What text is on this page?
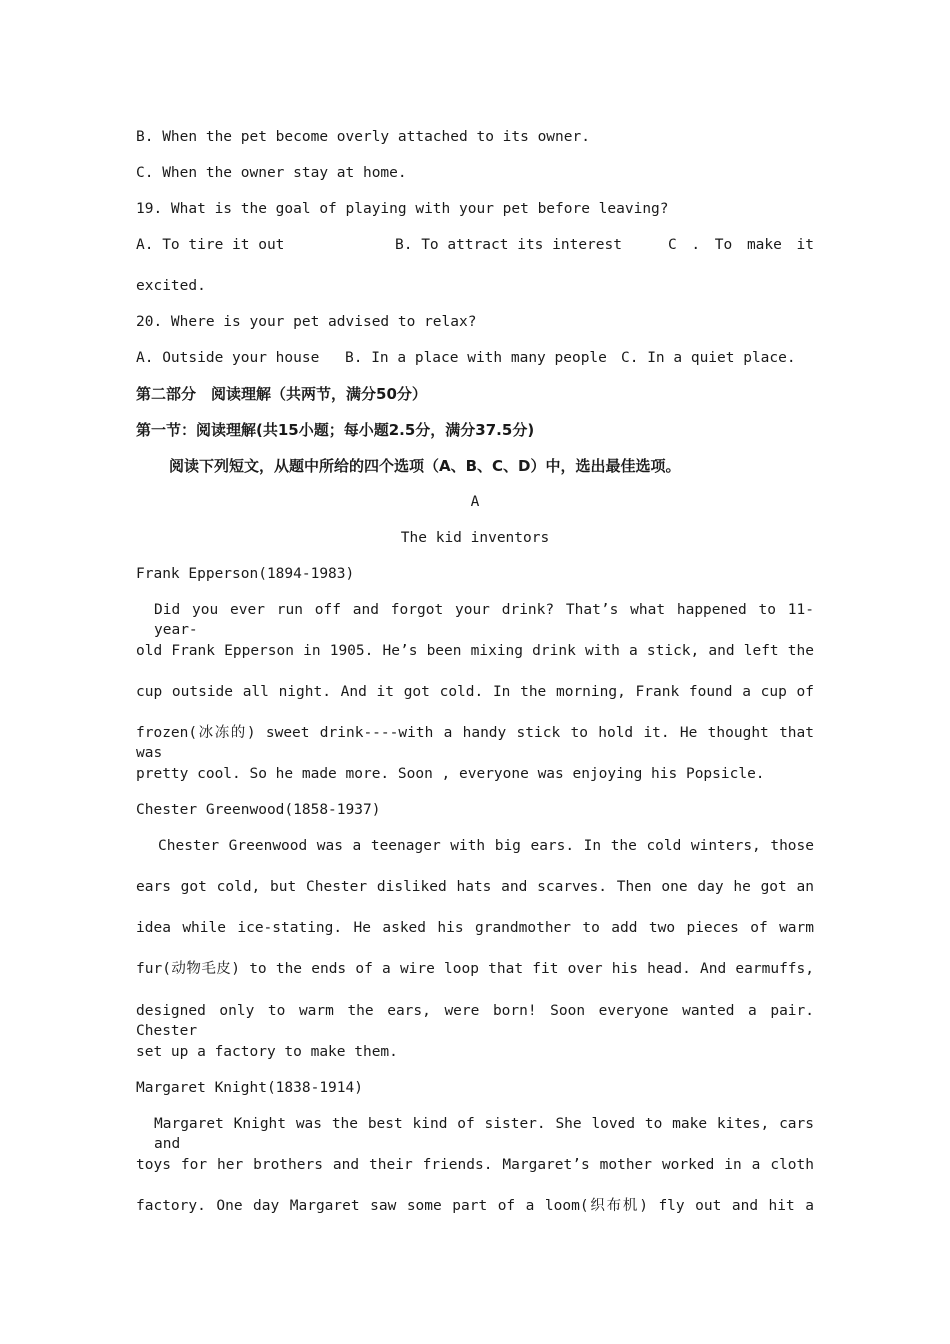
B. When the pet become overly attached to its owner.
C. When the owner stay at home.
19. What is the goal of playing with your pet before leaving?
A. To tire it out	B. To attract its interest	C . To make it
excited.
20. Where is your pet advised to relax?
A. Outside your house B. In a place with many people C. In a quiet place.
第二部分　阅读理解（共两节，满分50分）
第一节：阅读理解(共15小题；每小题2.5分，满分37.5分)
阅读下列短文，从题中所给的四个选项（A、B、C、D）中，选出最佳选项。
A
The kid inventors
Frank Epperson(1894-1983)
Did you ever run off and forgot your drink? That’s what happened to 11-year-
old Frank Epperson in 1905. He’s been mixing drink with a stick, and left the
cup outside all night. And it got cold. In the morning, Frank found a cup of
frozen(冰冻的) sweet drink----with a handy stick to hold it. He thought that was
pretty cool. So he made more. Soon , everyone was enjoying his Popsicle.
Chester Greenwood(1858-1937)
Chester Greenwood was a teenager with big ears. In the cold winters, those
ears got cold, but Chester disliked hats and scarves. Then one day he got an
idea while ice-stating. He asked his grandmother to add two pieces of warm
fur(动物毛皮) to the ends of a wire loop that fit over his head. And earmuffs,
designed only to warm the ears, were born! Soon everyone wanted a pair. Chester
set up a factory to make them.
Margaret Knight(1838-1914)
Margaret Knight was the best kind of sister. She loved to make kites, cars and
toys for her brothers and their friends. Margaret’s mother worked in a cloth
factory. One day Margaret saw some part of a loom(织布机) fly out and hit a
